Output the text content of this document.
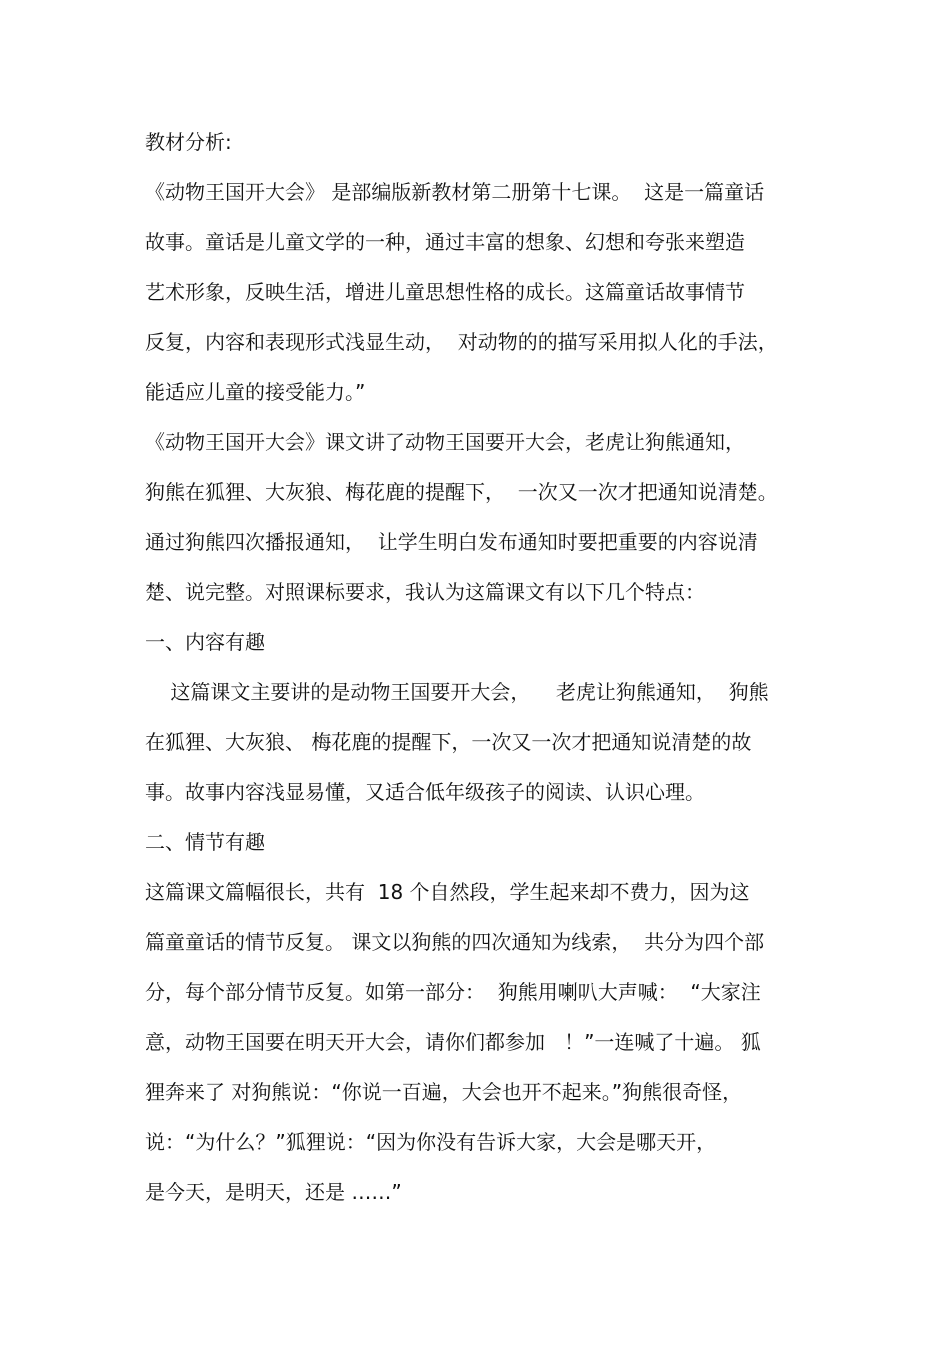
教材分析:
《动物王国开大会》 是部编版新教材第二册第十七课。  这是一篇童话
故事。童话是儿童文学的一种，通过丰富的想象、幻想和夸张来塑造
艺术形象，反映生活，增进儿童思想性格的成长。这篇童话故事情节
反复，内容和表现形式浅显生动，  对动物的的描写采用拟人化的手法，
能适应儿童的接受能力。”
《动物王国开大会》课文讲了动物王国要开大会，老虎让狗熊通知，
狗熊在狐狸、大灰狼、梅花鹿的提醒下，  一次又一次才把通知说清楚。
通过狗熊四次播报通知，  让学生明白发布通知时要把重要的内容说清
楚、说完整。对照课标要求，我认为这篇课文有以下几个特点：
一、内容有趣
这篇课文主要讲的是动物王国要开大会，    老虎让狗熊通知，  狗熊
在狐狸、大灰狼、 梅花鹿的提醒下，一次又一次才把通知说清楚的故
事。故事内容浅显易懂，又适合低年级孩子的阅读、认识心理。
二、情节有趣
这篇课文篇幅很长，共有  18 个自然段，学生起来却不费力，因为这
篇童童话的情节反复。 课文以狗熊的四次通知为线索，  共分为四个部
分，每个部分情节反复。如第一部分：  狗熊用喇叭大声喊：  “大家注
意，动物王国要在明天开大会，请你们都参加   ！”一连喊了十遍。 狐
狸奔来了 对狗熊说：“你说一百遍，大会也开不起来。”狗熊很奇怪，
说：“为什么？”狐狸说：“因为你没有告诉大家，大会是哪天开，
是今天，是明天，还是 ……”
